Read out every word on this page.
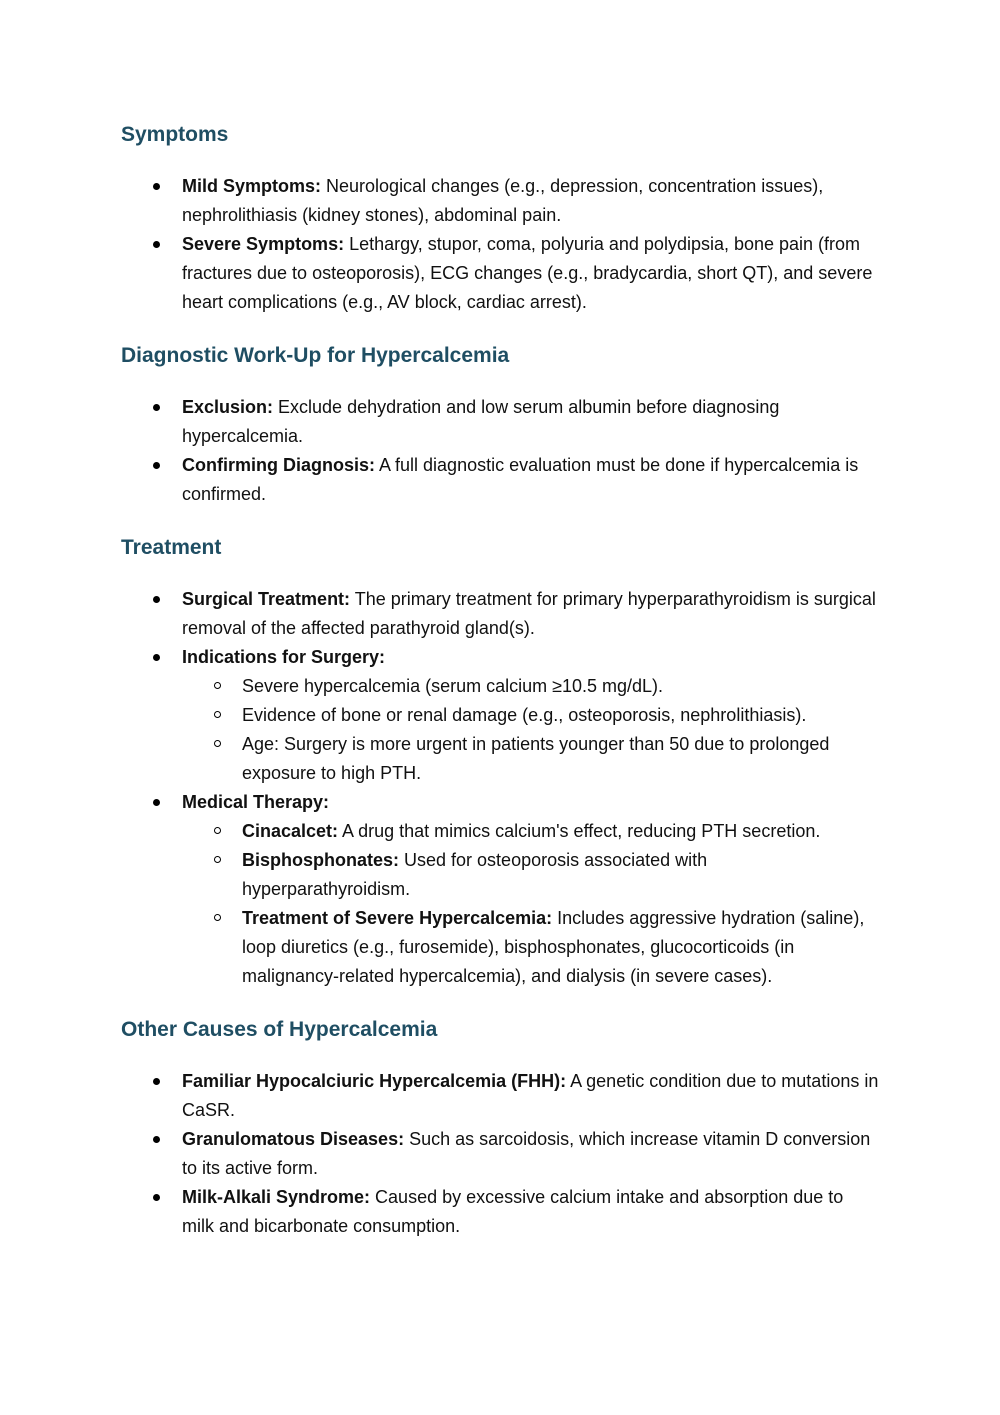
Symptoms
Mild Symptoms: Neurological changes (e.g., depression, concentration issues), nephrolithiasis (kidney stones), abdominal pain.
Severe Symptoms: Lethargy, stupor, coma, polyuria and polydipsia, bone pain (from fractures due to osteoporosis), ECG changes (e.g., bradycardia, short QT), and severe heart complications (e.g., AV block, cardiac arrest).
Diagnostic Work-Up for Hypercalcemia
Exclusion: Exclude dehydration and low serum albumin before diagnosing hypercalcemia.
Confirming Diagnosis: A full diagnostic evaluation must be done if hypercalcemia is confirmed.
Treatment
Surgical Treatment: The primary treatment for primary hyperparathyroidism is surgical removal of the affected parathyroid gland(s).
Indications for Surgery:
Severe hypercalcemia (serum calcium ≥10.5 mg/dL).
Evidence of bone or renal damage (e.g., osteoporosis, nephrolithiasis).
Age: Surgery is more urgent in patients younger than 50 due to prolonged exposure to high PTH.
Medical Therapy:
Cinacalcet: A drug that mimics calcium's effect, reducing PTH secretion.
Bisphosphonates: Used for osteoporosis associated with hyperparathyroidism.
Treatment of Severe Hypercalcemia: Includes aggressive hydration (saline), loop diuretics (e.g., furosemide), bisphosphonates, glucocorticoids (in malignancy-related hypercalcemia), and dialysis (in severe cases).
Other Causes of Hypercalcemia
Familiar Hypocalciuric Hypercalcemia (FHH): A genetic condition due to mutations in CaSR.
Granulomatous Diseases: Such as sarcoidosis, which increase vitamin D conversion to its active form.
Milk-Alkali Syndrome: Caused by excessive calcium intake and absorption due to milk and bicarbonate consumption.
